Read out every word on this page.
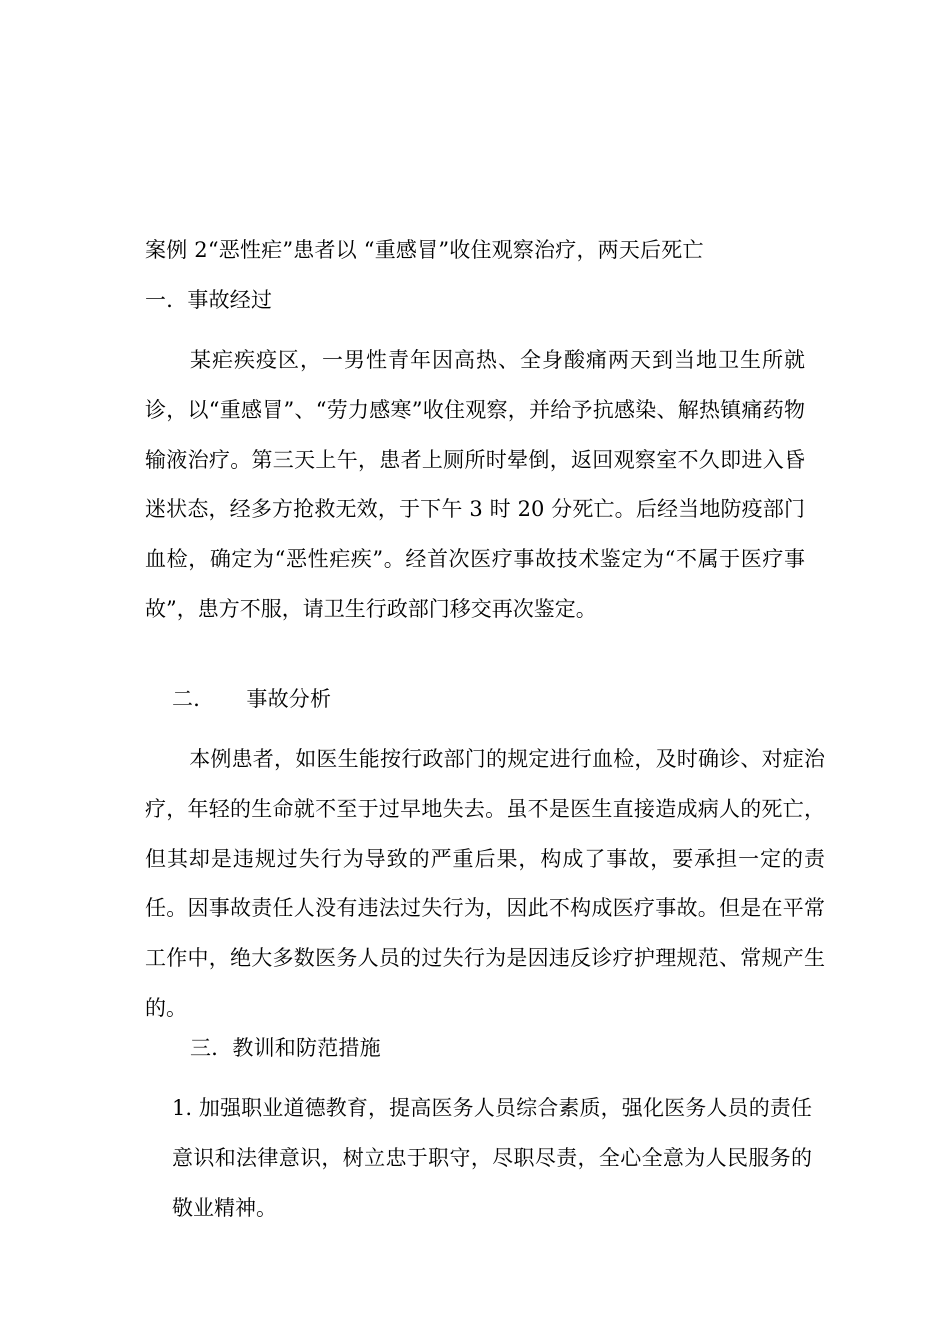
案例 2“恶性疟”患者以 “重感冒”收住观察治疗，两天后死亡
一．事故经过
某疟疾疫区，一男性青年因高热、全身酸痛两天到当地卫生所就诊，以“重感冒”、“劳力感寒”收住观察，并给予抗感染、解热镇痛药物输液治疗。第三天上午，患者上厕所时晕倒，返回观察室不久即进入昏迷状态，经多方抢救无效，于下午 3 时 20 分死亡。后经当地防疫部门血检，确定为“恶性疟疾”。经首次医疗事故技术鉴定为“不属于医疗事故”，患方不服，请卫生行政部门移交再次鉴定。
二． 事故分析
本例患者，如医生能按行政部门的规定进行血检，及时确诊、对症治疗，年轻的生命就不至于过早地失去。虽不是医生直接造成病人的死亡，但其却是违规过失行为导致的严重后果，构成了事故，要承担一定的责任。因事故责任人没有违法过失行为，因此不构成医疗事故。但是在平常工作中，绝大多数医务人员的过失行为是因违反诊疗护理规范、常规产生的。
三．教训和防范措施
1. 加强职业道德教育，提高医务人员综合素质，强化医务人员的责任意识和法律意识，树立忠于职守，尽职尽责，全心全意为人民服务的敬业精神。
